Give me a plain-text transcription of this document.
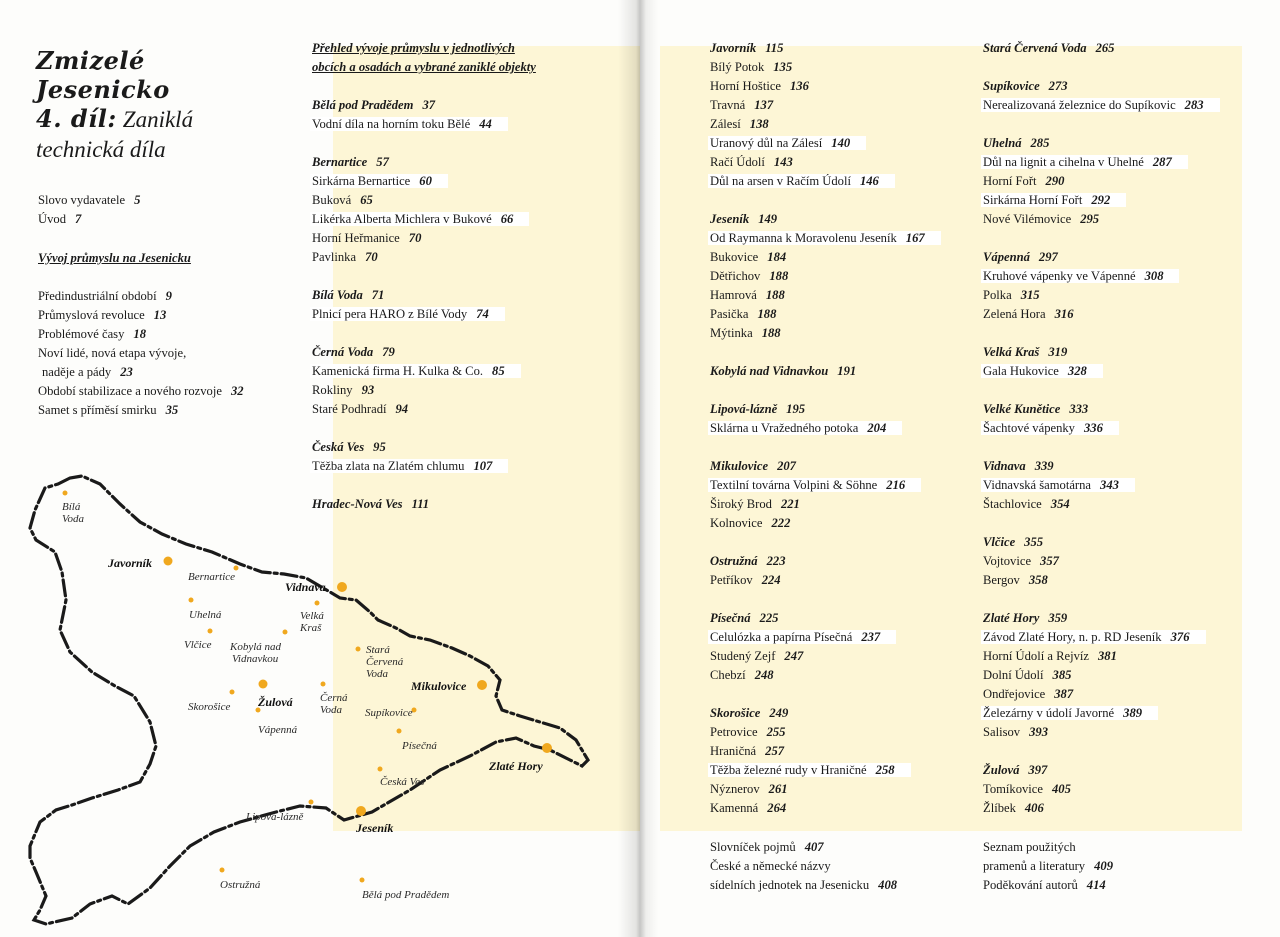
Zmizelé
Jesenicko
4. díl: Zaniklá
technická díla
Slovo vydavatele 5
Úvod 7
Vývoj průmyslu na Jesenicku
Předindustriální období 9
Průmyslová revoluce 13
Problémové časy 18
Noví lidé, nová etapa vývoje,
naděje a pády 23
Období stabilizace a nového rozvoje 32
Samet s příměsí smirku 35
Přehled vývoje průmyslu v jednotlivých
obcích a osadách a vybrané zaniklé objekty
Bělá pod Pradědem 37
Vodní díla na horním toku Bělé 44
Bernartice 57
Sirkárna Bernartice 60
Buková 65
Likérka Alberta Michlera v Bukové 66
Horní Heřmanice 70
Pavlinka 70
Bílá Voda 71
Plnicí pera HARO z Bílé Vody 74
Černá Voda 79
Kamenická firma H. Kulka & Co. 85
Rokliny 93
Staré Podhradí 94
Česká Ves 95
Těžba zlata na Zlatém chlumu 107
Hradec-Nová Ves 111
Javorník 115
Bílý Potok 135
Horní Hoštice 136
Travná 137
Zálesí 138
Uranový důl na Zálesí 140
Račí Údolí 143
Důl na arsen v Račím Údolí 146
Jeseník 149
Od Raymanna k Moravolenu Jeseník 167
Bukovice 184
Dětřichov 188
Hamrová 188
Pasička 188
Mýtinka 188
Kobylá nad Vidnavkou 191
Lipová-lázně 195
Sklárna u Vražedného potoka 204
Mikulovice 207
Textilní továrna Volpini & Söhne 216
Široký Brod 221
Kolnovice 222
Ostružná 223
Petříkov 224
Písečná 225
Celulózka a papírna Písečná 237
Studený Zejf 247
Chebzí 248
Skorošice 249
Petrovice 255
Hraničná 257
Těžba železné rudy v Hraničné 258
Nýznerov 261
Kamenná 264
Slovníček pojmů 407
České a německé názvy
sídelních jednotek na Jesenicku 408
Stará Červená Voda 265
Supíkovice 273
Nerealizovaná železnice do Supíkovic 283
Uhelná 285
Důl na lignit a cihelna v Uhelné 287
Horní Fořt 290
Sirkárna Horní Fořt 292
Nové Vilémovice 295
Vápenná 297
Kruhové vápenky ve Vápenné 308
Polka 315
Zelená Hora 316
Velká Kraš 319
Gala Hukovice 328
Velké Kunětice 333
Šachtové vápenky 336
Vidnava 339
Vidnavská šamotárna 343
Štachlovice 354
Vlčice 355
Vojtovice 357
Bergov 358
Zlaté Hory 359
Závod Zlaté Hory, n. p. RD Jeseník 376
Horní Údolí a Rejvíz 381
Dolní Údolí 385
Ondřejovice 387
Železárny v údolí Javorné 389
Salisov 393
Žulová 397
Tomíkovice 405
Žlíbek 406
Seznam použitých
pramenů a literatury 409
Poděkování autorů 414
Bílá
Voda
Javorník
Bernartice
Vidnava
Velká
Kraš
Uhelná
Vlčice Kobylá nad
Vidnavkou
Stará
Červená
Voda
Skorošice Žulová Černá
Voda
Mikulovice
Vápenná
Supíkovice
Písečná
Zlaté Hory
Česká Ves
Lipová-lázně
Jeseník
Ostružná
Bělá pod Pradědem
